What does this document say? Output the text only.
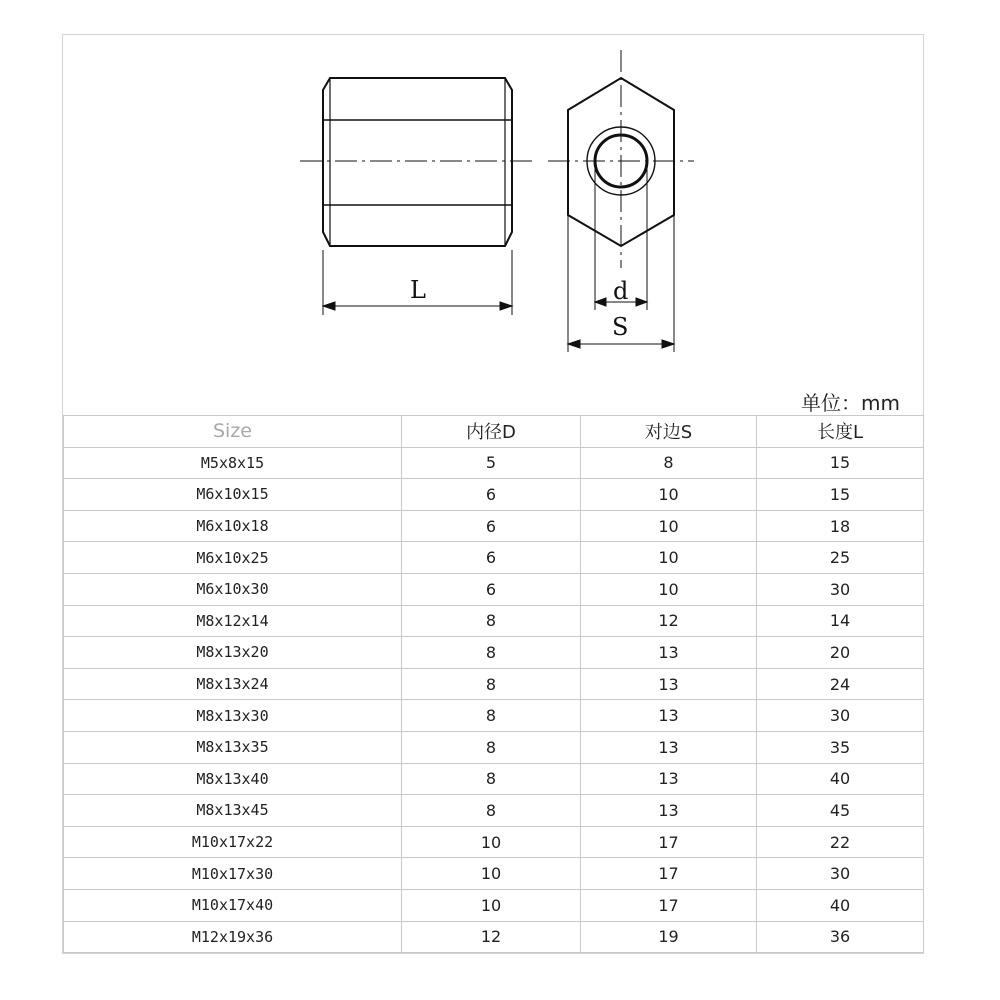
L	d
S
单位：mm
Size	内径D	对边S	长度L
M5x8x15	5	8	15
M6x10x15	6	10	15
M6x10x18	6	10	18
M6x10x25	6	10	25
M6x10x30	6	10	30
M8x12x14	8	12	14
M8x13x20	8	13	20
M8x13x24	8	13	24
M8x13x30	8	13	30
M8x13x35	8	13	35
M8x13x40	8	13	40
M8x13x45	8	13	45
M10x17x22	10	17	22
M10x17x30	10	17	30
M10x17x40	10	17	40
M12x19x36	12	19	36
